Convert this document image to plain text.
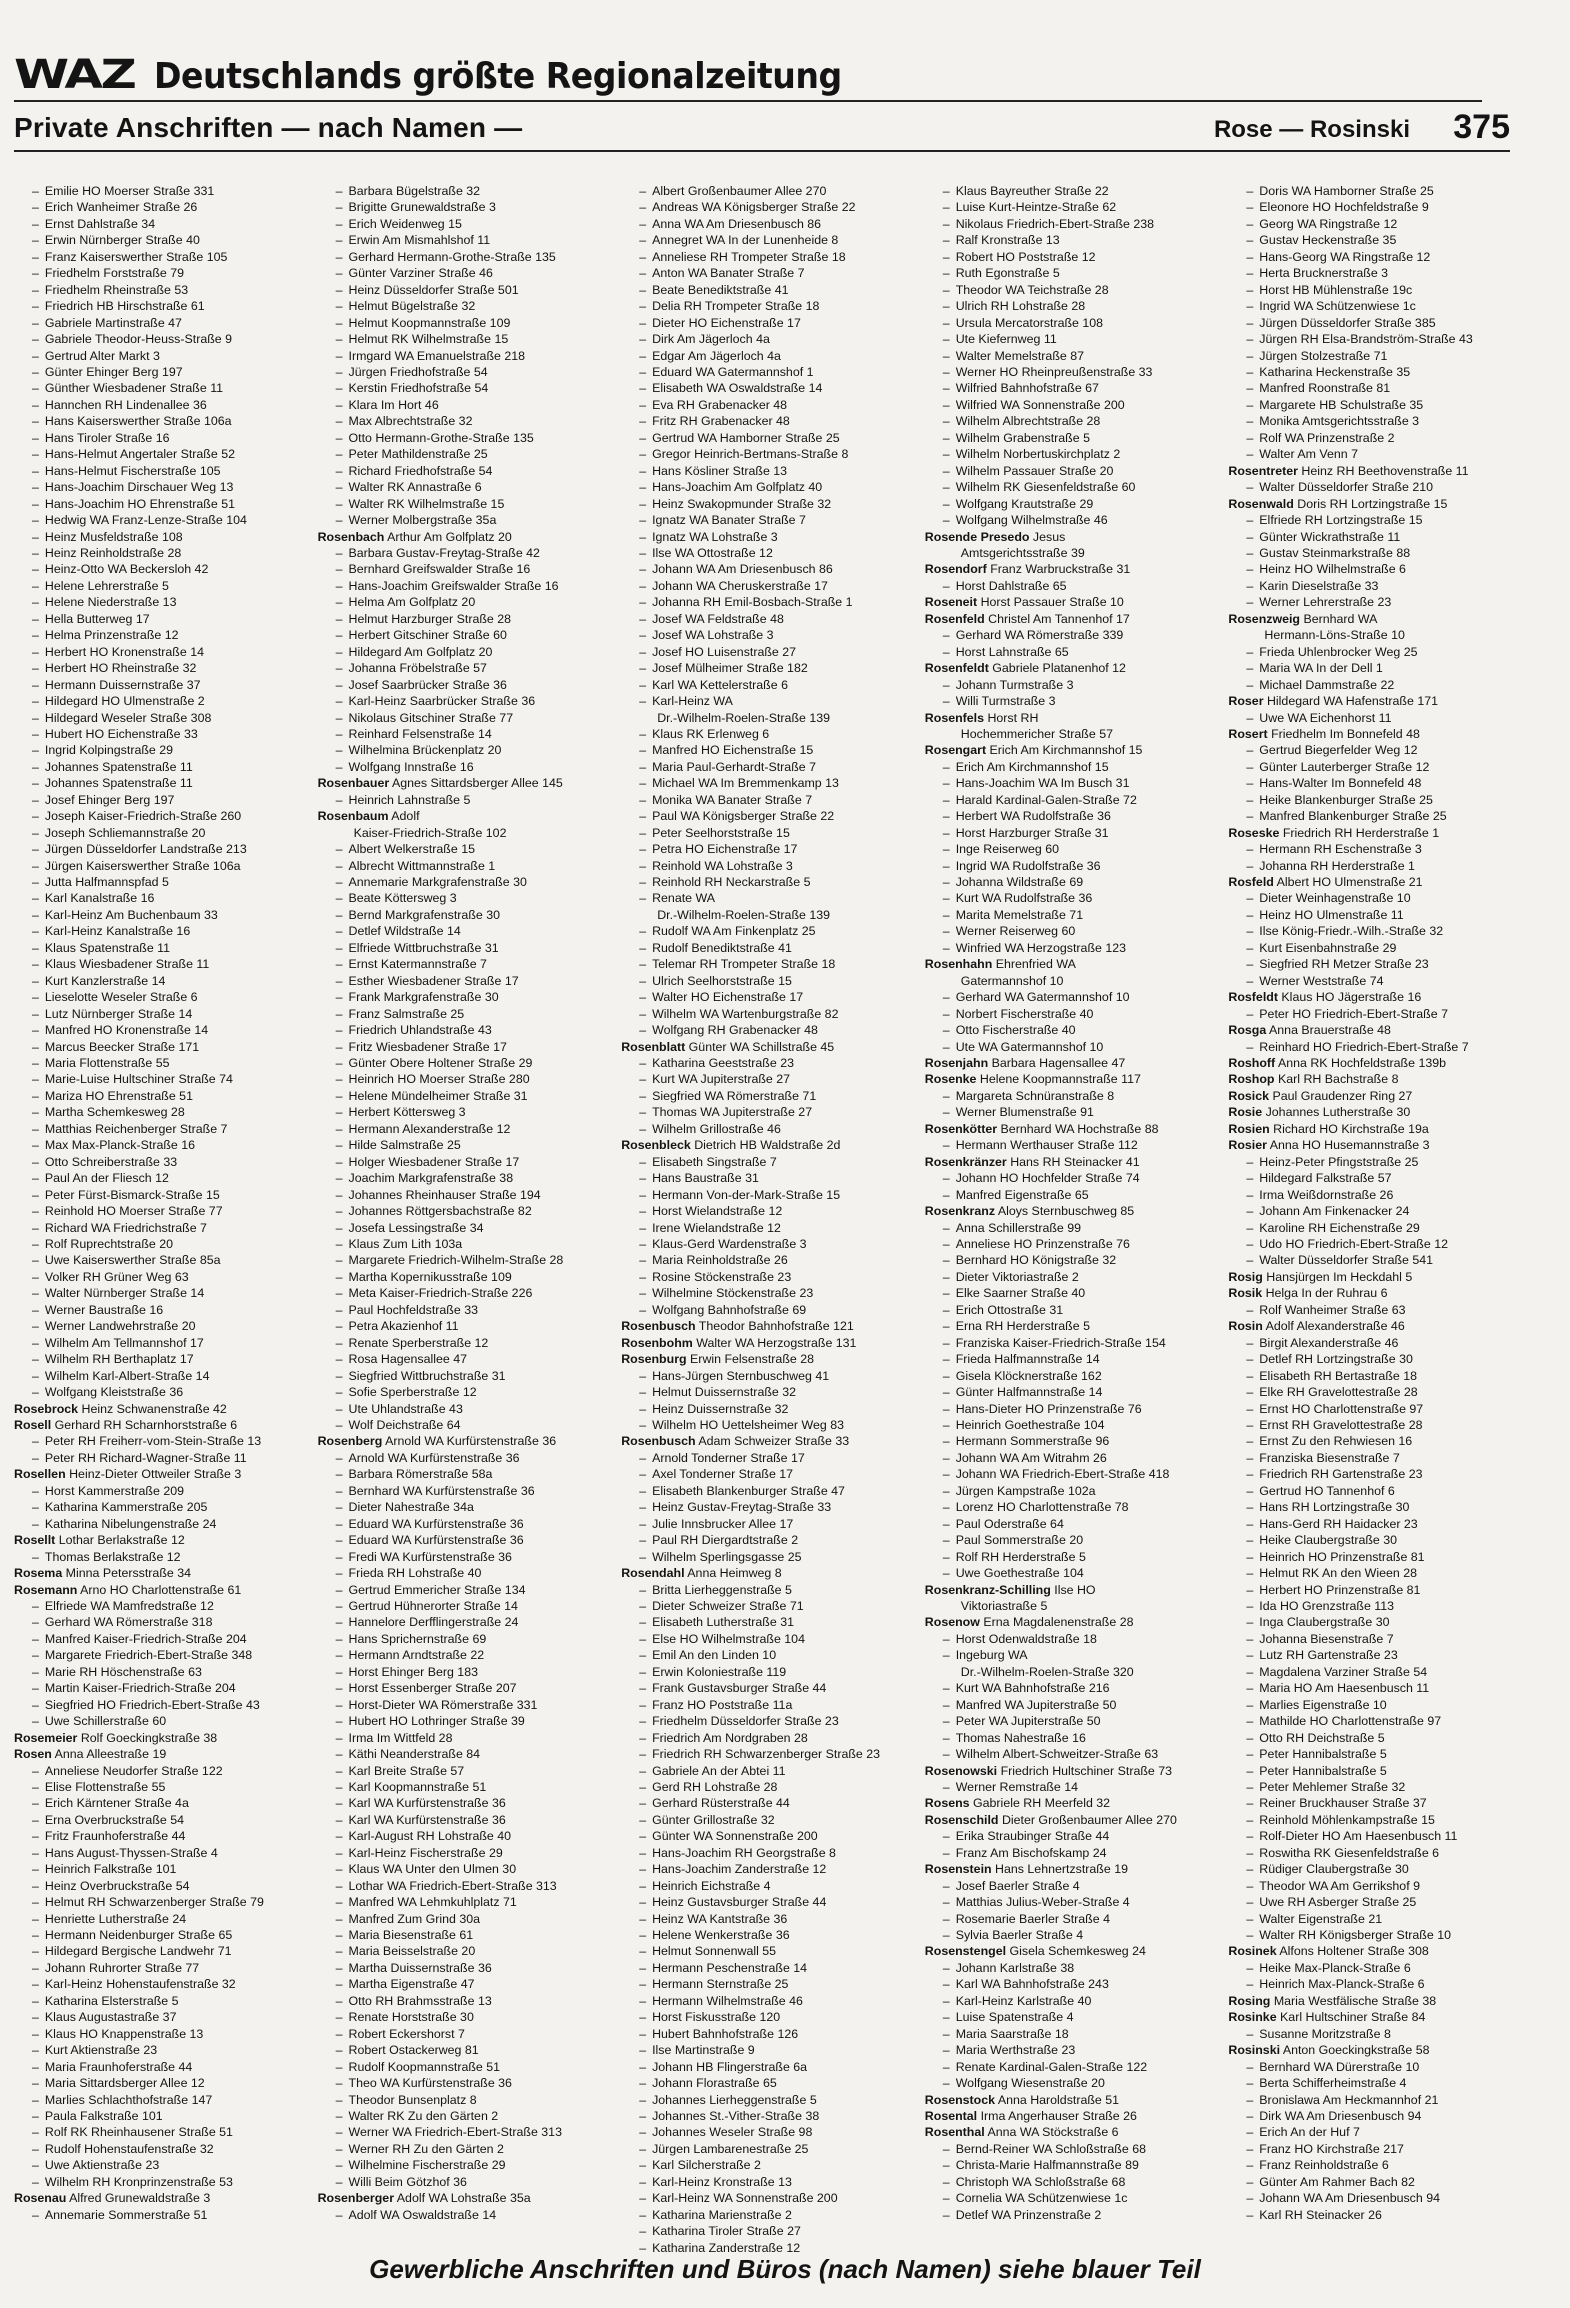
WAZ Deutschlands größte Regionalzeitung
Private Anschriften — nach Namen —	Rose — Rosinski 375
– Emilie HO Moerser Straße 331
– Erich Wanheimer Straße 26
– Ernst Dahlstraße 34
– Erwin Nürnberger Straße 40
– Franz Kaiserswerther Straße 105
– Friedhelm Forststraße 79
– Friedhelm Rheinstraße 53
– Friedrich HB Hirschstraße 61
– Gabriele Martinstraße 47
– Gabriele Theodor-Heuss-Straße 9
– Gertrud Alter Markt 3
– Günter Ehinger Berg 197
– Günther Wiesbadener Straße 11
– Hannchen RH Lindenallee 36
– Hans Kaiserswerther Straße 106a
– Hans Tiroler Straße 16
– Hans-Helmut Angertaler Straße 52
– Hans-Helmut Fischerstraße 105
– Hans-Joachim Dirschauer Weg 13
– Hans-Joachim HO Ehrenstraße 51
– Hedwig WA Franz-Lenze-Straße 104
– Heinz Musfeldstraße 108
– Heinz Reinholdstraße 28
– Heinz-Otto WA Beckersloh 42
– Helene Lehrerstraße 5
– Helene Niederstraße 13
– Hella Butterweg 17
– Helma Prinzenstraße 12
– Herbert HO Kronenstraße 14
– Herbert HO Rheinstraße 32
– Hermann Duissernstraße 37
– Hildegard HO Ulmenstraße 2
– Hildegard Weseler Straße 308
– Hubert HO Eichenstraße 33
– Ingrid Kolpingstraße 29
– Johannes Spatenstraße 11
– Johannes Spatenstraße 11
– Josef Ehinger Berg 197
– Joseph Kaiser-Friedrich-Straße 260
– Joseph Schliemannstraße 20
– Jürgen Düsseldorfer Landstraße 213
– Jürgen Kaiserswerther Straße 106a
– Jutta Halfmannspfad 5
– Karl Kanalstraße 16
– Karl-Heinz Am Buchenbaum 33
– Karl-Heinz Kanalstraße 16
– Klaus Spatenstraße 11
– Klaus Wiesbadener Straße 11
– Kurt Kanzlerstraße 14
– Lieselotte Weseler Straße 6
– Lutz Nürnberger Straße 14
– Manfred HO Kronenstraße 14
– Marcus Beecker Straße 171
– Maria Flottenstraße 55
– Marie-Luise Hultschiner Straße 74
– Mariza HO Ehrenstraße 51
– Martha Schemkesweg 28
– Matthias Reichenberger Straße 7
– Max Max-Planck-Straße 16
– Otto Schreiberstraße 33
– Paul An der Fliesch 12
– Peter Fürst-Bismarck-Straße 15
– Reinhold HO Moerser Straße 77
– Richard WA Friedrichstraße 7
– Rolf Ruprechtstraße 20
– Uwe Kaiserswerther Straße 85a
– Volker RH Grüner Weg 63
– Walter Nürnberger Straße 14
– Werner Baustraße 16
– Werner Landwehrstraße 20
– Wilhelm Am Tellmannshof 17
– Wilhelm RH Berthaplatz 17
– Wilhelm Karl-Albert-Straße 14
– Wolfgang Kleiststraße 36
Rosebrock Heinz Schwanenstraße 42
Rosell Gerhard RH Scharnhorststraße 6
– Peter RH Freiherr-vom-Stein-Straße 13
– Peter RH Richard-Wagner-Straße 11
Rosellen Heinz-Dieter Ottweiler Straße 3
– Horst Kammerstraße 209
– Katharina Kammerstraße 205
– Katharina Nibelungenstraße 24
Rosellt Lothar Berlakstraße 12
– Thomas Berlakstraße 12
Rosema Minna Petersstraße 34
Rosemann Arno HO Charlottenstraße 61
– Elfriede WA Mamfredstraße 12
– Gerhard WA Römerstraße 318
– Manfred Kaiser-Friedrich-Straße 204
– Margarete Friedrich-Ebert-Straße 348
– Marie RH Höschenstraße 63
– Martin Kaiser-Friedrich-Straße 204
– Siegfried HO Friedrich-Ebert-Straße 43
– Uwe Schillerstraße 60
Rosemeier Rolf Goeckingkstraße 38
Rosen Anna Alleestraße 19
– Anneliese Neudorfer Straße 122
– Elise Flottenstraße 55
– Erich Kärntener Straße 4a
– Erna Overbruckstraße 54
– Fritz Fraunhoferstraße 44
– Hans August-Thyssen-Straße 4
– Heinrich Falkstraße 101
– Heinz Overbruckstraße 54
– Helmut RH Schwarzenberger Straße 79
– Henriette Lutherstraße 24
– Hermann Neidenburger Straße 65
– Hildegard Bergische Landwehr 71
– Johann Ruhrorter Straße 77
– Karl-Heinz Hohenstaufenstraße 32
– Katharina Elsterstraße 5
– Klaus Augustastraße 37
– Klaus HO Knappenstraße 13
– Kurt Aktienstraße 23
– Maria Fraunhoferstraße 44
– Maria Sittardsberger Allee 12
– Marlies Schlachthofstraße 147
– Paula Falkstraße 101
– Rolf RK Rheinhausener Straße 51
– Rudolf Hohenstaufenstraße 32
– Uwe Aktienstraße 23
– Wilhelm RH Kronprinzenstraße 53
Rosenau Alfred Grunewaldstraße 3
– Annemarie Sommerstraße 51
– Barbara Bügelstraße 32
– Brigitte Grunewaldstraße 3
– Erich Weidenweg 15
– Erwin Am Mismahlshof 11
– Gerhard Hermann-Grothe-Straße 135
– Günter Varziner Straße 46
– Heinz Düsseldorfer Straße 501
– Helmut Bügelstraße 32
– Helmut Koopmannstraße 109
– Helmut RK Wilhelmstraße 15
– Irmgard WA Emanuelstraße 218
– Jürgen Friedhofstraße 54
– Kerstin Friedhofstraße 54
– Klara Im Hort 46
– Max Albrechtstraße 32
– Otto Hermann-Grothe-Straße 135
– Peter Mathildenstraße 25
– Richard Friedhofstraße 54
– Walter RK Annastraße 6
– Walter RK Wilhelmstraße 15
– Werner Molbergstraße 35a
Rosenbach Arthur Am Golfplatz 20
– Barbara Gustav-Freytag-Straße 42
– Bernhard Greifswalder Straße 16
– Hans-Joachim Greifswalder Straße 16
– Helma Am Golfplatz 20
– Helmut Harzburger Straße 28
– Herbert Gitschiner Straße 60
– Hildegard Am Golfplatz 20
– Johanna Fröbelstraße 57
– Josef Saarbrücker Straße 36
– Karl-Heinz Saarbrücker Straße 36
– Nikolaus Gitschiner Straße 77
– Reinhard Felsenstraße 14
– Wilhelmina Brückenplatz 20
– Wolfgang Innstraße 16
Rosenbauer Agnes Sittardsberger Allee 145
– Heinrich Lahnstraße 5
Rosenbaum Adolf
Kaiser-Friedrich-Straße 102
– Albert Welkerstraße 15
– Albrecht Wittmannstraße 1
– Annemarie Markgrafenstraße 30
– Beate Köttersweg 3
– Bernd Markgrafenstraße 30
– Detlef Wildstraße 14
– Elfriede Wittbruchstraße 31
– Ernst Katermannstraße 7
– Esther Wiesbadener Straße 17
– Frank Markgrafenstraße 30
– Franz Salmstraße 25
– Friedrich Uhlandstraße 43
– Fritz Wiesbadener Straße 17
– Günter Obere Holtener Straße 29
– Heinrich HO Moerser Straße 280
– Helene Mündelheimer Straße 31
– Herbert Köttersweg 3
– Hermann Alexanderstraße 12
– Hilde Salmstraße 25
– Holger Wiesbadener Straße 17
– Joachim Markgrafenstraße 38
– Johannes Rheinhauser Straße 194
– Johannes Röttgersbachstraße 82
– Josefa Lessingstraße 34
– Klaus Zum Lith 103a
– Margarete Friedrich-Wilhelm-Straße 28
– Martha Kopernikusstraße 109
– Meta Kaiser-Friedrich-Straße 226
– Paul Hochfeldstraße 33
– Petra Akazienhof 11
– Renate Sperberstraße 12
– Rosa Hagensallee 47
– Siegfried Wittbruchstraße 31
– Sofie Sperberstraße 12
– Ute Uhlandstraße 43
– Wolf Deichstraße 64
Rosenberg Arnold WA Kurfürstenstraße 36
– Arnold WA Kurfürstenstraße 36
– Barbara Römerstraße 58a
– Bernhard WA Kurfürstenstraße 36
– Dieter Nahestraße 34a
– Eduard WA Kurfürstenstraße 36
– Eduard WA Kurfürstenstraße 36
– Fredi WA Kurfürstenstraße 36
– Frieda RH Lohstraße 40
– Gertrud Emmericher Straße 134
– Gertrud Hühnerorter Straße 14
– Hannelore Derfflingerstraße 24
– Hans Sprichernstraße 69
– Hermann Arndtstraße 22
– Horst Ehinger Berg 183
– Horst Essenberger Straße 207
– Horst-Dieter WA Römerstraße 331
– Hubert HO Lothringer Straße 39
– Irma Im Wittfeld 28
– Käthi Neanderstraße 84
– Karl Breite Straße 57
– Karl Koopmannstraße 51
– Karl WA Kurfürstenstraße 36
– Karl WA Kurfürstenstraße 36
– Karl-August RH Lohstraße 40
– Karl-Heinz Fischerstraße 29
– Klaus WA Unter den Ulmen 30
– Lothar WA Friedrich-Ebert-Straße 313
– Manfred WA Lehmkuhlplatz 71
– Manfred Zum Grind 30a
– Maria Biesenstraße 61
– Maria Beisselstraße 20
– Martha Duissernstraße 36
– Martha Eigenstraße 47
– Otto RH Brahmsstraße 13
– Renate Horststraße 30
– Robert Eckershorst 7
– Robert Ostackerweg 81
– Rudolf Koopmannstraße 51
– Theo WA Kurfürstenstraße 36
– Theodor Bunsenplatz 8
– Walter RK Zu den Gärten 2
– Werner WA Friedrich-Ebert-Straße 313
– Werner RH Zu den Gärten 2
– Wilhelmine Fischerstraße 29
– Willi Beim Götzhof 36
Rosenberger Adolf WA Lohstraße 35a
– Adolf WA Oswaldstraße 14
– Albert Großenbaumer Allee 270
– Andreas WA Königsberger Straße 22
– Anna WA Am Driesenbusch 86
– Annegret WA In der Lunenheide 8
– Anneliese RH Trompeter Straße 18
– Anton WA Banater Straße 7
– Beate Benediktstraße 41
– Delia RH Trompeter Straße 18
– Dieter HO Eichenstraße 17
– Dirk Am Jägerloch 4a
– Edgar Am Jägerloch 4a
– Eduard WA Gatermannshof 1
– Elisabeth WA Oswaldstraße 14
– Eva RH Grabenacker 48
– Fritz RH Grabenacker 48
– Gertrud WA Hamborner Straße 25
– Gregor Heinrich-Bertmans-Straße 8
– Hans Kösliner Straße 13
– Hans-Joachim Am Golfplatz 40
– Heinz Swakopmunder Straße 32
– Ignatz WA Banater Straße 7
– Ignatz WA Lohstraße 3
– Ilse WA Ottostraße 12
– Johann WA Am Driesenbusch 86
– Johann WA Cheruskerstraße 17
– Johanna RH Emil-Bosbach-Straße 1
– Josef WA Feldstraße 48
– Josef WA Lohstraße 3
– Josef HO Luisenstraße 27
– Josef Mülheimer Straße 182
– Karl WA Kettelerstraße 6
– Karl-Heinz WA
Dr.-Wilhelm-Roelen-Straße 139
– Klaus RK Erlenweg 6
– Manfred HO Eichenstraße 15
– Maria Paul-Gerhardt-Straße 7
– Michael WA Im Bremmenkamp 13
– Monika WA Banater Straße 7
– Paul WA Königsberger Straße 22
– Peter Seelhorststraße 15
– Petra HO Eichenstraße 17
– Reinhold WA Lohstraße 3
– Reinhold RH Neckarstraße 5
– Renate WA
Dr.-Wilhelm-Roelen-Straße 139
– Rudolf WA Am Finkenplatz 25
– Rudolf Benediktstraße 41
– Telemar RH Trompeter Straße 18
– Ulrich Seelhorststraße 15
– Walter HO Eichenstraße 17
– Wilhelm WA Wartenburgstraße 82
– Wolfgang RH Grabenacker 48
Rosenblatt Günter WA Schillstraße 45
– Katharina Geeststraße 23
– Kurt WA Jupiterstraße 27
– Siegfried WA Römerstraße 71
– Thomas WA Jupiterstraße 27
– Wilhelm Grillostraße 46
Rosenbleck Dietrich HB Waldstraße 2d
– Elisabeth Singstraße 7
– Hans Baustraße 31
– Hermann Von-der-Mark-Straße 15
– Horst Wielandstraße 12
– Irene Wielandstraße 12
– Klaus-Gerd Wardenstraße 3
– Maria Reinholdstraße 26
– Rosine Stöckenstraße 23
– Wilhelmine Stöckenstraße 23
– Wolfgang Bahnhofstraße 69
Rosenbusch Theodor Bahnhofstraße 121
Rosenbohm Walter WA Herzogstraße 131
Rosenburg Erwin Felsenstraße 28
– Hans-Jürgen Sternbuschweg 41
– Helmut Duissernstraße 32
– Heinz Duissernstraße 32
– Wilhelm HO Uettelsheimer Weg 83
Rosenbusch Adam Schweizer Straße 33
– Arnold Tonderner Straße 17
– Axel Tonderner Straße 17
– Elisabeth Blankenburger Straße 47
– Heinz Gustav-Freytag-Straße 33
– Julie Innsbrucker Allee 17
– Paul RH Diergardtstraße 2
– Wilhelm Sperlingsgasse 25
Rosendahl Anna Heimweg 8
– Britta Lierheggenstraße 5
– Dieter Schweizer Straße 71
– Elisabeth Lutherstraße 31
– Else HO Wilhelmstraße 104
– Emil An den Linden 10
– Erwin Koloniestraße 119
– Frank Gustavsburger Straße 44
– Franz HO Poststraße 11a
– Friedhelm Düsseldorfer Straße 23
– Friedrich Am Nordgraben 28
– Friedrich RH Schwarzenberger Straße 23
– Gabriele An der Abtei 11
– Gerd RH Lohstraße 28
– Gerhard Rüsterstraße 44
– Günter Grillostraße 32
– Günter WA Sonnenstraße 200
– Hans-Joachim RH Georgstraße 8
– Hans-Joachim Zanderstraße 12
– Heinrich Eichstraße 4
– Heinz Gustavsburger Straße 44
– Heinz WA Kantstraße 36
– Helene Wenkerstraße 36
– Helmut Sonnenwall 55
– Hermann Peschenstraße 14
– Hermann Sternstraße 25
– Hermann Wilhelmstraße 46
– Horst Fiskusstraße 120
– Hubert Bahnhofstraße 126
– Ilse Martinstraße 9
– Johann HB Flingerstraße 6a
– Johann Florastraße 65
– Johannes Lierheggenstraße 5
– Johannes St.-Vither-Straße 38
– Johannes Weseler Straße 98
– Jürgen Lambarenestraße 25
– Karl Silcherstraße 2
– Karl-Heinz Kronstraße 13
– Karl-Heinz WA Sonnenstraße 200
– Katharina Marienstraße 2
– Katharina Tiroler Straße 27
– Katharina Zanderstraße 12
– Klaus Bayreuther Straße 22
– Luise Kurt-Heintze-Straße 62
– Nikolaus Friedrich-Ebert-Straße 238
– Ralf Kronstraße 13
– Robert HO Poststraße 12
– Ruth Egonstraße 5
– Theodor WA Teichstraße 28
– Ulrich RH Lohstraße 28
– Ursula Mercatorstraße 108
– Ute Kiefernweg 11
– Walter Memelstraße 87
– Werner HO Rheinpreußenstraße 33
– Wilfried Bahnhofstraße 67
– Wilfried WA Sonnenstraße 200
– Wilhelm Albrechtstraße 28
– Wilhelm Grabenstraße 5
– Wilhelm Norbertuskirchplatz 2
– Wilhelm Passauer Straße 20
– Wilhelm RK Giesenfeldstraße 60
– Wolfgang Krautstraße 29
– Wolfgang Wilhelmstraße 46
Rosende Presedo Jesus
Amtsgerichtsstraße 39
Rosendorf Franz Warbruckstraße 31
– Horst Dahlstraße 65
Roseneit Horst Passauer Straße 10
Rosenfeld Christel Am Tannenhof 17
– Gerhard WA Römerstraße 339
– Horst Lahnstraße 65
Rosenfeldt Gabriele Platanenhof 12
– Johann Turmstraße 3
– Willi Turmstraße 3
Rosenfels Horst RH
Hochemmericher Straße 57
Rosengart Erich Am Kirchmannshof 15
– Erich Am Kirchmannshof 15
– Hans-Joachim WA Im Busch 31
– Harald Kardinal-Galen-Straße 72
– Herbert WA Rudolfstraße 36
– Horst Harzburger Straße 31
– Inge Reiserweg 60
– Ingrid WA Rudolfstraße 36
– Johanna Wildstraße 69
– Kurt WA Rudolfstraße 36
– Marita Memelstraße 71
– Werner Reiserweg 60
– Winfried WA Herzogstraße 123
Rosenhahn Ehrenfried WA
Gatermannshof 10
– Gerhard WA Gatermannshof 10
– Norbert Fischerstraße 40
– Otto Fischerstraße 40
– Ute WA Gatermannshof 10
Rosenjahn Barbara Hagensallee 47
Rosenke Helene Koopmannstraße 117
– Margareta Schnüranstraße 8
– Werner Blumenstraße 91
Rosenkötter Bernhard WA Hochstraße 88
– Hermann Werthauser Straße 112
Rosenkränzer Hans RH Steinacker 41
– Johann HO Hochfelder Straße 74
– Manfred Eigenstraße 65
Rosenkranz Aloys Sternbuschweg 85
– Anna Schillerstraße 99
– Anneliese HO Prinzenstraße 76
– Bernhard HO Königstraße 32
– Dieter Viktoriastraße 2
– Elke Saarner Straße 40
– Erich Ottostraße 31
– Erna RH Herderstraße 5
– Franziska Kaiser-Friedrich-Straße 154
– Frieda Halfmannstraße 14
– Gisela Klöcknerstraße 162
– Günter Halfmannstraße 14
– Hans-Dieter HO Prinzenstraße 76
– Heinrich Goethestraße 104
– Hermann Sommerstraße 96
– Johann WA Am Witrahm 26
– Johann WA Friedrich-Ebert-Straße 418
– Jürgen Kampstraße 102a
– Lorenz HO Charlottenstraße 78
– Paul Oderstraße 64
– Paul Sommerstraße 20
– Rolf RH Herderstraße 5
– Uwe Goethestraße 104
Rosenkranz-Schilling Ilse HO
Viktoriastraße 5
Rosenow Erna Magdalenenstraße 28
– Horst Odenwaldstraße 18
– Ingeburg WA
Dr.-Wilhelm-Roelen-Straße 320
– Kurt WA Bahnhofstraße 216
– Manfred WA Jupiterstraße 50
– Peter WA Jupiterstraße 50
– Thomas Nahestraße 16
– Wilhelm Albert-Schweitzer-Straße 63
Rosenowski Friedrich Hultschiner Straße 73
– Werner Remstraße 14
Rosens Gabriele RH Meerfeld 32
Rosenschild Dieter Großenbaumer Allee 270
– Erika Straubinger Straße 44
– Franz Am Bischofskamp 24
Rosenstein Hans Lehnertzstraße 19
– Josef Baerler Straße 4
– Matthias Julius-Weber-Straße 4
– Rosemarie Baerler Straße 4
– Sylvia Baerler Straße 4
Rosenstengel Gisela Schemkesweg 24
– Johann Karlstraße 38
– Karl WA Bahnhofstraße 243
– Karl-Heinz Karlstraße 40
– Luise Spatenstraße 4
– Maria Saarstraße 18
– Maria Werthstraße 23
– Renate Kardinal-Galen-Straße 122
– Wolfgang Wiesenstraße 20
Rosenstock Anna Haroldstraße 51
Rosental Irma Angerhauser Straße 26
Rosenthal Anna WA Stöckstraße 6
– Bernd-Reiner WA Schloßstraße 68
– Christa-Marie Halfmannstraße 89
– Christoph WA Schloßstraße 68
– Cornelia WA Schützenwiese 1c
– Detlef WA Prinzenstraße 2
– Doris WA Hamborner Straße 25
– Eleonore HO Hochfeldstraße 9
– Georg WA Ringstraße 12
– Gustav Heckenstraße 35
– Hans-Georg WA Ringstraße 12
– Herta Brucknerstraße 3
– Horst HB Mühlenstraße 19c
– Ingrid WA Schützenwiese 1c
– Jürgen Düsseldorfer Straße 385
– Jürgen RH Elsa-Brandström-Straße 43
– Jürgen Stolzestraße 71
– Katharina Heckenstraße 35
– Manfred Roonstraße 81
– Margarete HB Schulstraße 35
– Monika Amtsgerichtsstraße 3
– Rolf WA Prinzenstraße 2
– Walter Am Venn 7
Rosentreter Heinz RH Beethovenstraße 11
– Walter Düsseldorfer Straße 210
Rosenwald Doris RH Lortzingstraße 15
– Elfriede RH Lortzingstraße 15
– Günter Wickrathstraße 11
– Gustav Steinmarkstraße 88
– Heinz HO Wilhelmstraße 6
– Karin Dieselstraße 33
– Werner Lehrerstraße 23
Rosenzweig Bernhard WA
Hermann-Löns-Straße 10
– Frieda Uhlenbrocker Weg 25
– Maria WA In der Dell 1
– Michael Dammstraße 22
Roser Hildegard WA Hafenstraße 171
– Uwe WA Eichenhorst 11
Rosert Friedhelm Im Bonnefeld 48
– Gertrud Biegerfelder Weg 12
– Günter Lauterberger Straße 12
– Hans-Walter Im Bonnefeld 48
– Heike Blankenburger Straße 25
– Manfred Blankenburger Straße 25
Roseske Friedrich RH Herderstraße 1
– Hermann RH Eschenstraße 3
– Johanna RH Herderstraße 1
Rosfeld Albert HO Ulmenstraße 21
– Dieter Weinhagenstraße 10
– Heinz HO Ulmenstraße 11
– Ilse König-Friedr.-Wilh.-Straße 32
– Kurt Eisenbahnstraße 29
– Siegfried RH Metzer Straße 23
– Werner Weststraße 74
Rosfeldt Klaus HO Jägerstraße 16
– Peter HO Friedrich-Ebert-Straße 7
Rosga Anna Brauerstraße 48
– Reinhard HO Friedrich-Ebert-Straße 7
Roshoff Anna RK Hochfeldstraße 139b
Roshop Karl RH Bachstraße 8
Rosick Paul Graudenzer Ring 27
Rosie Johannes Lutherstraße 30
Rosien Richard HO Kirchstraße 19a
Rosier Anna HO Husemannstraße 3
– Heinz-Peter Pfingststraße 25
– Hildegard Falkstraße 57
– Irma Weißdornstraße 26
– Johann Am Finkenacker 24
– Karoline RH Eichenstraße 29
– Udo HO Friedrich-Ebert-Straße 12
– Walter Düsseldorfer Straße 541
Rosig Hansjürgen Im Heckdahl 5
Rosik Helga In der Ruhrau 6
– Rolf Wanheimer Straße 63
Rosin Adolf Alexanderstraße 46
– Birgit Alexanderstraße 46
– Detlef RH Lortzingstraße 30
– Elisabeth RH Bertastraße 18
– Elke RH Gravelottestraße 28
– Ernst HO Charlottenstraße 97
– Ernst RH Gravelottestraße 28
– Ernst Zu den Rehwiesen 16
– Franziska Biesenstraße 7
– Friedrich RH Gartenstraße 23
– Gertrud HO Tannenhof 6
– Hans RH Lortzingstraße 30
– Hans-Gerd RH Haidacker 23
– Heike Claubergstraße 30
– Heinrich HO Prinzenstraße 81
– Helmut RK An den Wieen 28
– Herbert HO Prinzenstraße 81
– Ida HO Grenzstraße 113
– Inga Claubergstraße 30
– Johanna Biesenstraße 7
– Lutz RH Gartenstraße 23
– Magdalena Varziner Straße 54
– Maria HO Am Haesenbusch 11
– Marlies Eigenstraße 10
– Mathilde HO Charlottenstraße 97
– Otto RH Deichstraße 5
– Peter Hannibalstraße 5
– Peter Hannibalstraße 5
– Peter Mehlemer Straße 32
– Reiner Bruckhauser Straße 37
– Reinhold Möhlenkampstraße 15
– Rolf-Dieter HO Am Haesenbusch 11
– Roswitha RK Giesenfeldstraße 6
– Rüdiger Claubergstraße 30
– Theodor WA Am Gerrikshof 9
– Uwe RH Asberger Straße 25
– Walter Eigenstraße 21
– Walter RH Königsberger Straße 10
Rosinek Alfons Holtener Straße 308
– Heike Max-Planck-Straße 6
– Heinrich Max-Planck-Straße 6
Rosing Maria Westfälische Straße 38
Rosinke Karl Hultschiner Straße 84
– Susanne Moritzstraße 8
Rosinski Anton Goeckingkstraße 58
– Bernhard WA Dürerstraße 10
– Berta Schifferheimstraße 4
– Bronislawa Am Heckmannhof 21
– Dirk WA Am Driesenbusch 94
– Erich An der Huf 7
– Franz HO Kirchstraße 217
– Franz Reinholdstraße 6
– Günter Am Rahmer Bach 82
– Johann WA Am Driesenbusch 94
– Karl RH Steinacker 26
Gewerbliche Anschriften und Büros (nach Namen) siehe blauer Teil
